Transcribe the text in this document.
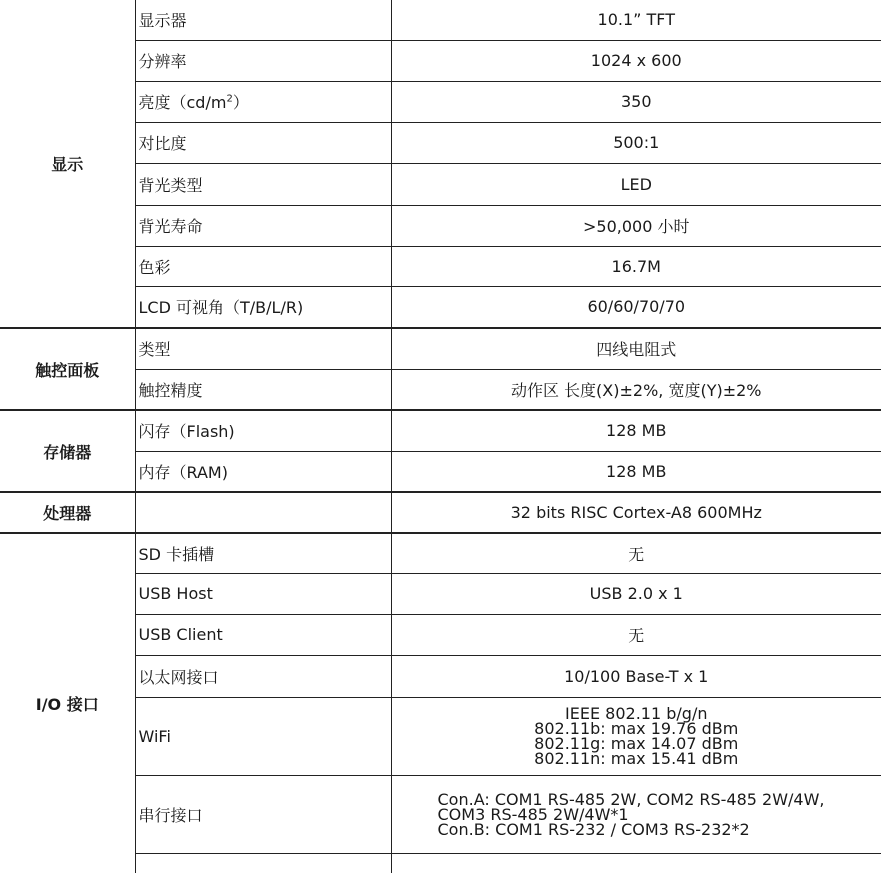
显示	显示器	10.1” TFT
	分辨率	1024 x 600
	亮度$(cd/m^2)$	350
	对比度	500:1
	背光类型	LED
	背光寿命	>50,000 小时
	色彩	16.7M
	LCD 可视角（T/B/L/R)	60/60/70/70
触控面板	类型	四线电阻式
	触控精度	动作区 长度(X)±2%, 宽度(Y)±2%
存储器	闪存（Flash)	128 MB
	内存（RAM)	128 MB
处理器		32 bits RISC Cortex-A8 600MHz
I/O 接口	SD 卡插槽	无
	USB Host	USB 2.0 x 1
	USB Client	无
	以太网接口	10/100 Base-T x 1
	WiFi	IEEE 802.11 b/g/n
802.11b: max 19.76 dBm
802.11g: max 14.07 dBm
802.11n: max 15.41 dBm

	串行接口	Con.A: COM1 RS-485 2W, COM2 RS-485 2W/4W,
COM3 RS-485 2W/4W*1
Con.B: COM1 RS-232 / COM3 RS-232*2
